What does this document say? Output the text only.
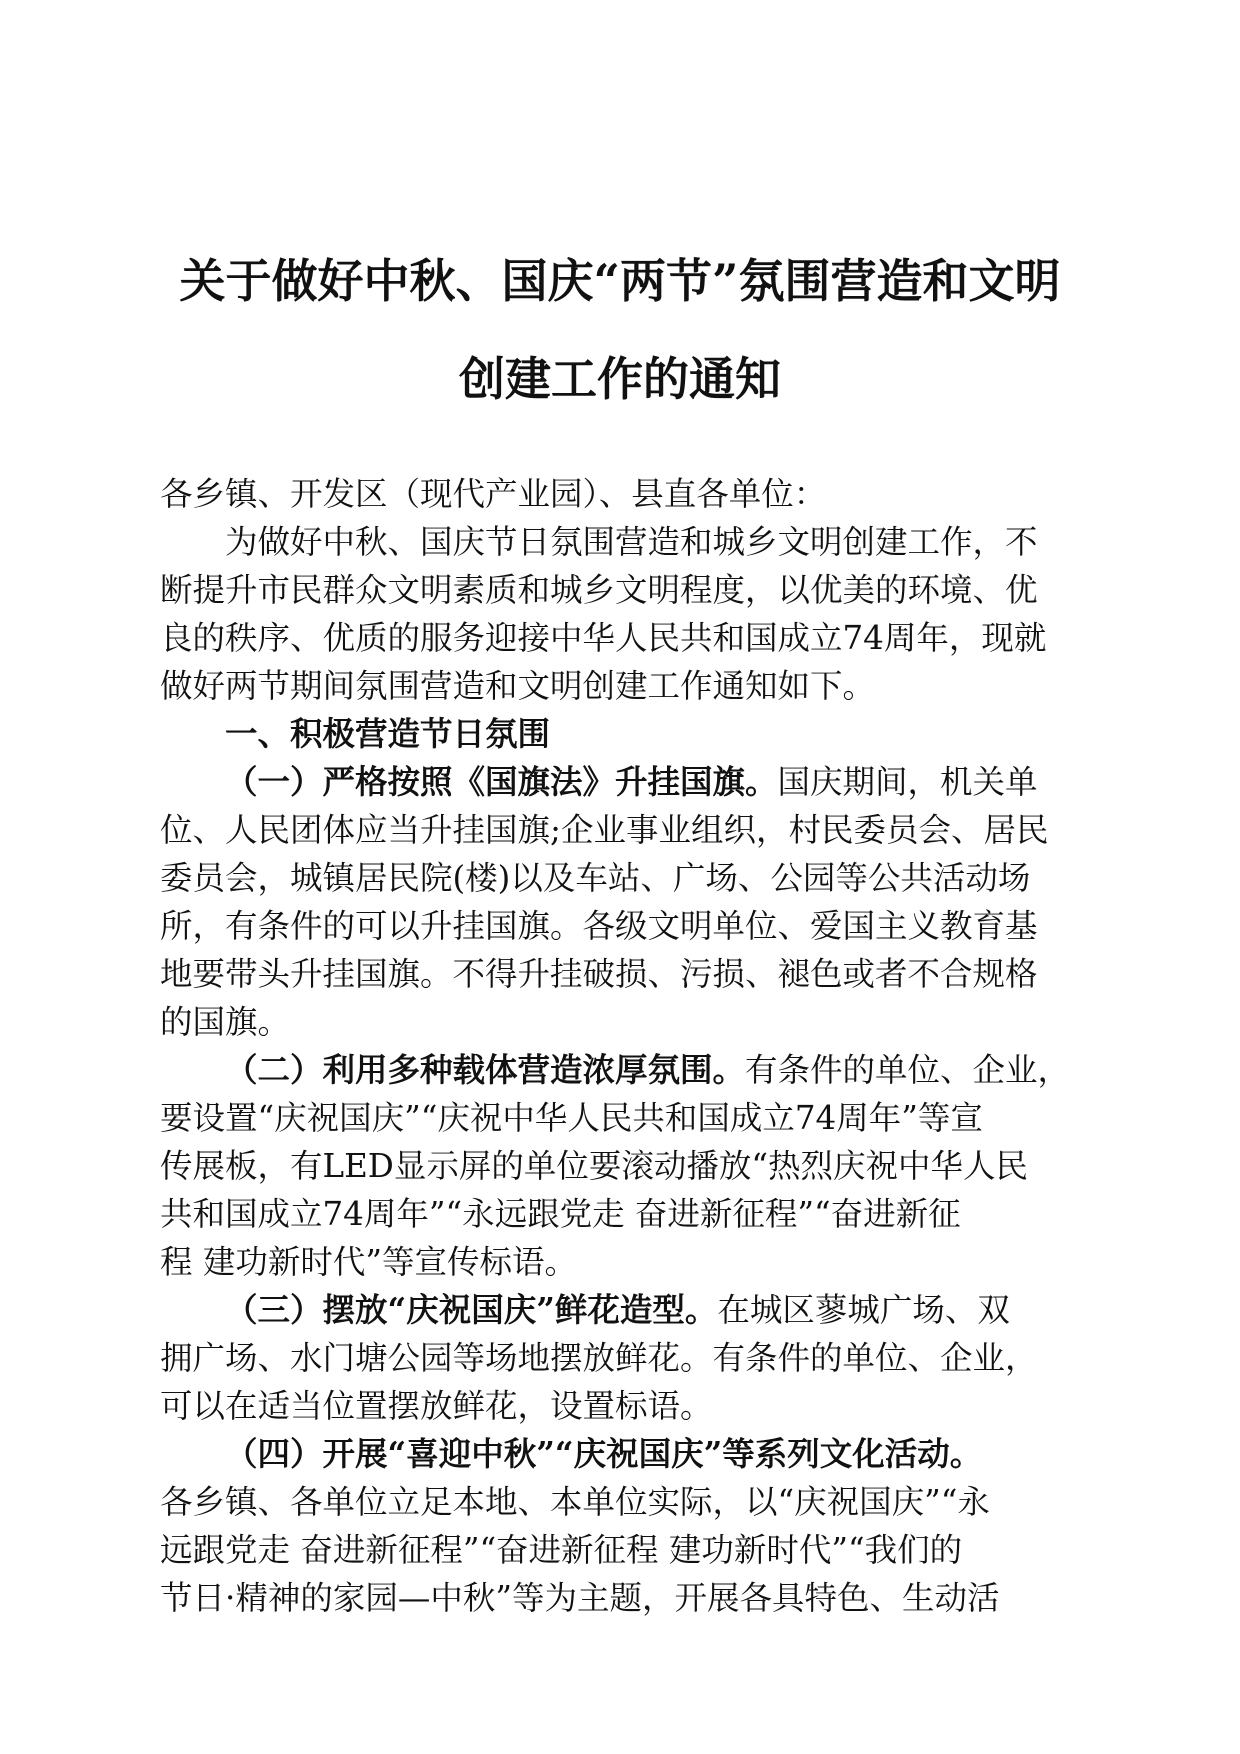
关于做好中秋、国庆“两节”氛围营造和文明
创建工作的通知
各乡镇、开发区（现代产业园）、县直各单位：
为做好中秋、国庆节日氛围营造和城乡文明创建工作，不
断提升市民群众文明素质和城乡文明程度，以优美的环境、优
良的秩序、优质的服务迎接中华人民共和国成立74周年，现就
做好两节期间氛围营造和文明创建工作通知如下。
一、积极营造节日氛围
（一）严格按照《国旗法》升挂国旗。国庆期间，机关单
位、人民团体应当升挂国旗;企业事业组织，村民委员会、居民
委员会，城镇居民院(楼)以及车站、广场、公园等公共活动场
所，有条件的可以升挂国旗。各级文明单位、爱国主义教育基
地要带头升挂国旗。不得升挂破损、污损、褪色或者不合规格
的国旗。
（二）利用多种载体营造浓厚氛围。有条件的单位、企业，
要设置“庆祝国庆”“庆祝中华人民共和国成立74周年”等宣
传展板，有LED显示屏的单位要滚动播放“热烈庆祝中华人民
共和国成立74周年”“永远跟党走 奋进新征程”“奋进新征
程 建功新时代”等宣传标语。
（三）摆放“庆祝国庆”鲜花造型。在城区蓼城广场、双
拥广场、水门塘公园等场地摆放鲜花。有条件的单位、企业，
可以在适当位置摆放鲜花，设置标语。
（四）开展“喜迎中秋”“庆祝国庆”等系列文化活动。
各乡镇、各单位立足本地、本单位实际，以“庆祝国庆”“永
远跟党走 奋进新征程”“奋进新征程 建功新时代”“我们的
节日·精神的家园—中秋”等为主题，开展各具特色、生动活
